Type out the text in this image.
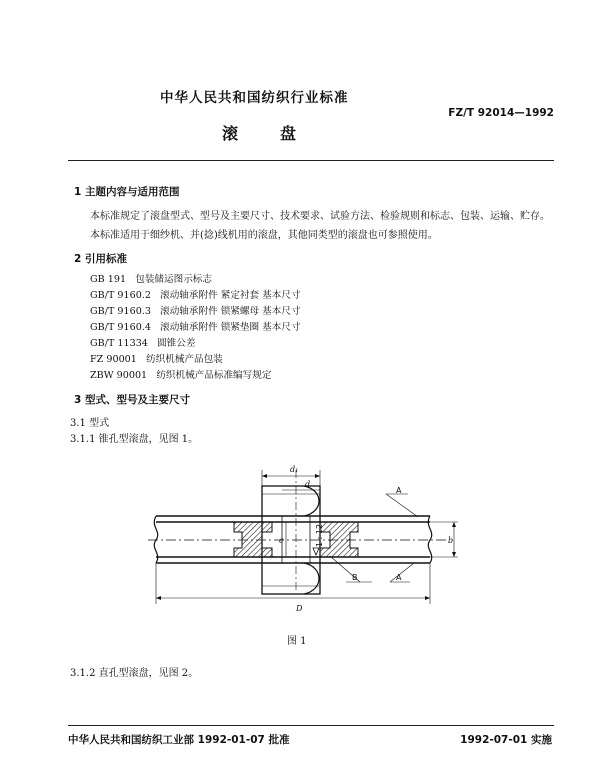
中华人民共和国纺织行业标准
FZ/T 92014—1992
滚	盘
1 主题内容与适用范围
本标准规定了滚盘型式、型号及主要尺寸、技术要求、试验方法、检验规则和标志、包装、运输、贮存。
本标准适用于细纱机、并(捻)线机用的滚盘，其他同类型的滚盘也可参照使用。
2 引用标准
GB 191 包装储运图示标志
GB/T 9160.2 滚动轴承附件 紧定衬套 基本尺寸
GB/T 9160.3 滚动轴承附件 锁紧螺母 基本尺寸
GB/T 9160.4 滚动轴承附件 锁紧垫圈 基本尺寸
GB/T 11334 圆锥公差
FZ 90001 纺织机械产品包装
ZBW 90001 纺织机械产品标准编写规定
3 型式、型号及主要尺寸
3.1 型式
3.1.1 锥孔型滚盘，见图 1。
d₁
d
A
B	A
c	b
D
1 : 12
图 1
3.1.2 直孔型滚盘，见图 2。
中华人民共和国纺织工业部 1992-01-07 批准	1992-07-01 实施
